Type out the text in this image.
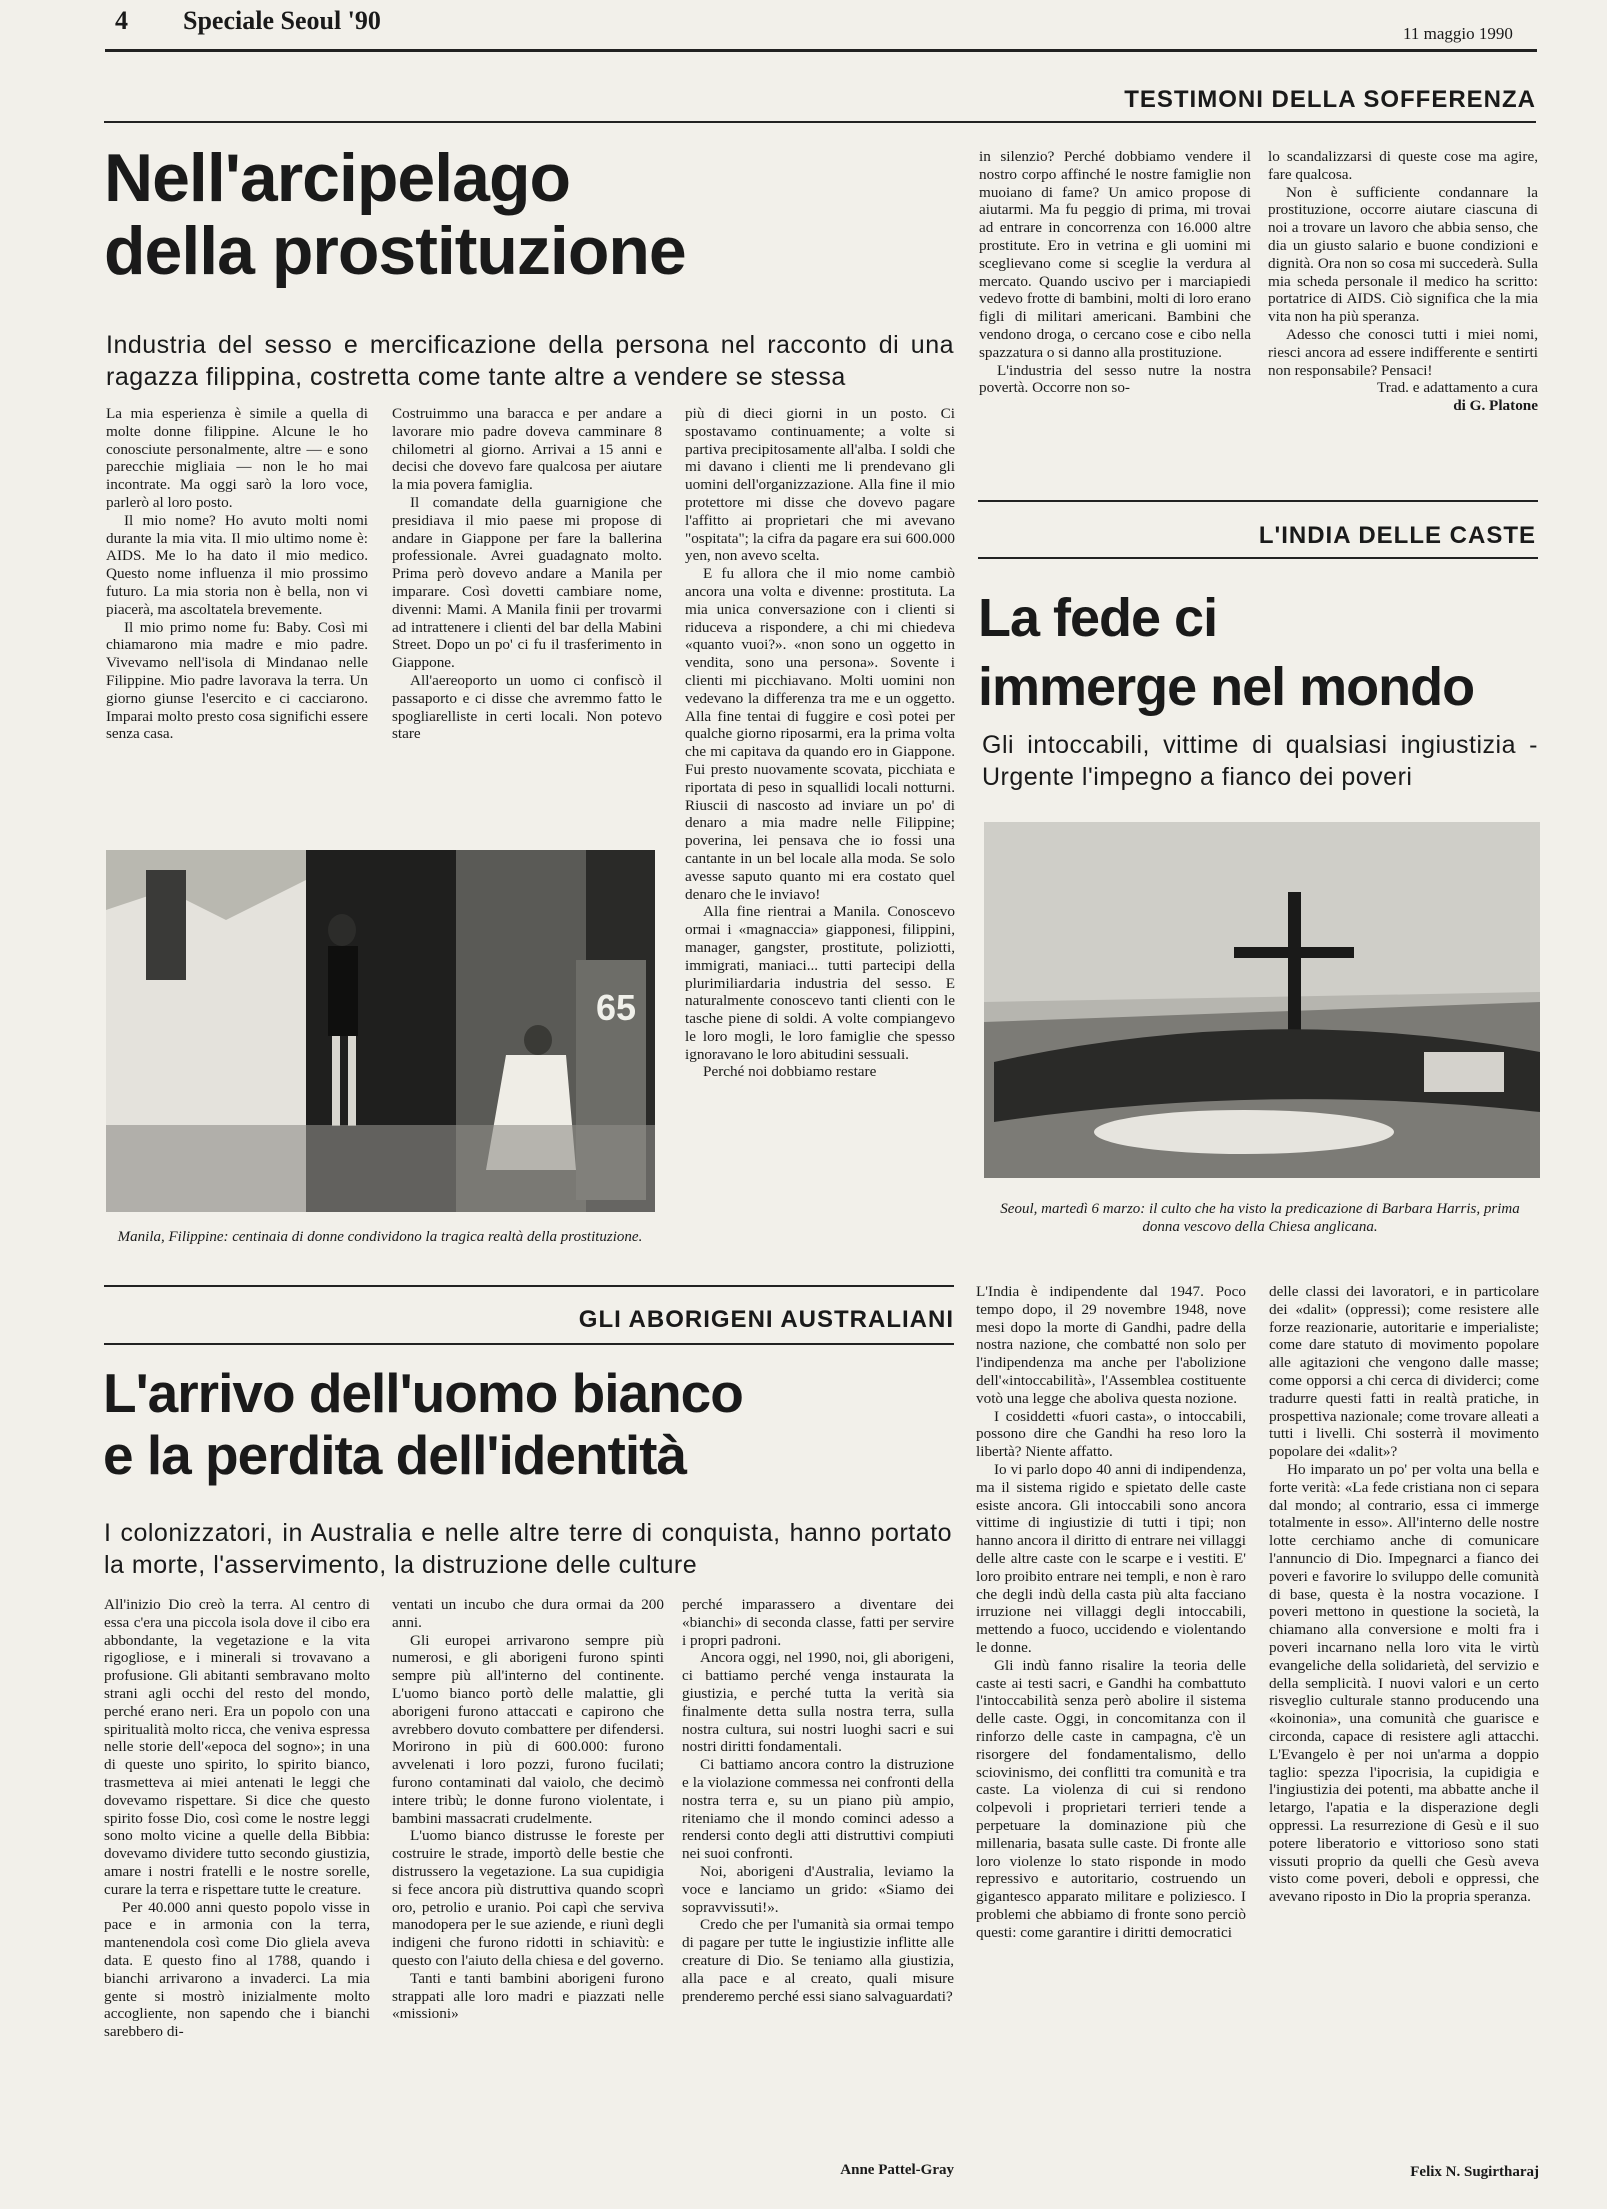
4 Speciale Seoul '90	11 maggio 1990
TESTIMONI DELLA SOFFERENZA
Nell'arcipelago
della prostituzione
Industria del sesso e mercificazione della persona nel racconto di una ragazza filippina, costretta come tante altre a vendere se stessa

La mia esperienza è simile a quella di molte donne filippine. Alcune le ho conosciute personalmente, altre — e sono parecchie migliaia — non le ho mai incontrate. Ma oggi sarò la loro voce, parlerò al loro posto.

Il mio nome? Ho avuto molti nomi durante la mia vita. Il mio ultimo nome è: AIDS. Me lo ha dato il mio medico. Questo nome influenza il mio prossimo futuro. La mia storia non è bella, non vi piacerà, ma ascoltatela brevemente.

Il mio primo nome fu: Baby. Così mi chiamarono mia madre e mio padre. Vivevamo nell'isola di Mindanao nelle Filippine. Mio padre lavorava la terra. Un giorno giunse l'esercito e ci cacciarono. Imparai molto presto cosa significhi essere senza casa.

Costruimmo una baracca e per andare a lavorare mio padre doveva camminare 8 chilometri al giorno. Arrivai a 15 anni e decisi che dovevo fare qualcosa per aiutare la mia povera famiglia.

Il comandate della guarnigione che presidiava il mio paese mi propose di andare in Giappone per fare la ballerina professionale. Avrei guadagnato molto. Prima però dovevo andare a Manila per imparare. Così dovetti cambiare nome, divenni: Mami. A Manila finii per trovarmi ad intrattenere i clienti del bar della Mabini Street. Dopo un po' ci fu il trasferimento in Giappone.

All'aereoporto un uomo ci confiscò il passaporto e ci disse che avremmo fatto le spogliarelliste in certi locali. Non potevo stare

65
Manila, Filippine: centinaia di donne condividono la tragica realtà della prostituzione.

più di dieci giorni in un posto. Ci spostavamo continuamente; a volte si partiva precipitosamente all'alba. I soldi che mi davano i clienti me li prendevano gli uomini dell'organizzazione. Alla fine il mio protettore mi disse che dovevo pagare l'affitto ai proprietari che mi avevano "ospitata"; la cifra da pagare era sui 600.000 yen, non avevo scelta.

E fu allora che il mio nome cambiò ancora una volta e divenne: prostituta. La mia unica conversazione con i clienti si riduceva a rispondere, a chi mi chiedeva «quanto vuoi?». «non sono un oggetto in vendita, sono una persona». Sovente i clienti mi picchiavano. Molti uomini non vedevano la differenza tra me e un oggetto. Alla fine tentai di fuggire e così potei per qualche giorno riposarmi, era la prima volta che mi capitava da quando ero in Giappone. Fui presto nuovamente scovata, picchiata e riportata di peso in squallidi locali notturni. Riuscii di nascosto ad inviare un po' di denaro a mia madre nelle Filippine; poverina, lei pensava che io fossi una cantante in un bel locale alla moda. Se solo avesse saputo quanto mi era costato quel denaro che le inviavo!

Alla fine rientrai a Manila. Conoscevo ormai i «magnaccia» giapponesi, filippini, manager, gangster, prostitute, poliziotti, immigrati, maniaci... tutti partecipi della plurimiliardaria industria del sesso. E naturalmente conoscevo tanti clienti con le tasche piene di soldi. A volte compiangevo le loro mogli, le loro famiglie che spesso ignoravano le loro abitudini sessuali.

Perché noi dobbiamo restare

in silenzio? Perché dobbiamo vendere il nostro corpo affinché le nostre famiglie non muoiano di fame? Un amico propose di aiutarmi. Ma fu peggio di prima, mi trovai ad entrare in concorrenza con 16.000 altre prostitute. Ero in vetrina e gli uomini mi sceglievano come si sceglie la verdura al mercato. Quando uscivo per i marciapiedi vedevo frotte di bambini, molti di loro erano figli di militari americani. Bambini che vendono droga, o cercano cose e cibo nella spazzatura o si danno alla prostituzione.

L'industria del sesso nutre la nostra povertà. Occorre non so-

lo scandalizzarsi di queste cose ma agire, fare qualcosa.

Non è sufficiente condannare la prostituzione, occorre aiutare ciascuna di noi a trovare un lavoro che abbia senso, che dia un giusto salario e buone condizioni e dignità. Ora non so cosa mi succederà. Sulla mia scheda personale il medico ha scritto: portatrice di AIDS. Ciò significa che la mia vita non ha più speranza.

Adesso che conosci tutti i miei nomi, riesci ancora ad essere indifferente e sentirti non responsabile? Pensaci!

Trad. e adattamento a cura

di G. Platone

L'INDIA DELLE CASTE
La fede ci
immerge nel mondo
Gli intoccabili, vittime di qualsiasi ingiustizia - Urgente l'impegno a fianco dei poveri
Seoul, martedì 6 marzo: il culto che ha visto la predicazione di Barbara Harris, prima donna vescovo della Chiesa anglicana.

L'India è indipendente dal 1947. Poco tempo dopo, il 29 novembre 1948, nove mesi dopo la morte di Gandhi, padre della nostra nazione, che combatté non solo per l'indipendenza ma anche per l'abolizione dell'«intoccabilità», l'Assemblea costituente votò una legge che aboliva questa nozione.

I cosiddetti «fuori casta», o intoccabili, possono dire che Gandhi ha reso loro la libertà? Niente affatto.

Io vi parlo dopo 40 anni di indipendenza, ma il sistema rigido e spietato delle caste esiste ancora. Gli intoccabili sono ancora vittime di ingiustizie di tutti i tipi; non hanno ancora il diritto di entrare nei villaggi delle altre caste con le scarpe e i vestiti. E' loro proibito entrare nei templi, e non è raro che degli indù della casta più alta facciano irruzione nei villaggi degli intoccabili, mettendo a fuoco, uccidendo e violentando le donne.

Gli indù fanno risalire la teoria delle caste ai testi sacri, e Gandhi ha combattuto l'intoccabilità senza però abolire il sistema delle caste. Oggi, in concomitanza con il rinforzo delle caste in campagna, c'è un risorgere del fondamentalismo, dello sciovinismo, dei conflitti tra comunità e tra caste. La violenza di cui si rendono colpevoli i proprietari terrieri tende a perpetuare la dominazione più che millenaria, basata sulle caste. Di fronte alle loro violenze lo stato risponde in modo repressivo e autoritario, costruendo un gigantesco apparato militare e poliziesco. I problemi che abbiamo di fronte sono perciò questi: come garantire i diritti democratici

delle classi dei lavoratori, e in particolare dei «dalit» (oppressi); come resistere alle forze reazionarie, autoritarie e imperialiste; come dare statuto di movimento popolare alle agitazioni che vengono dalle masse; come opporsi a chi cerca di dividerci; come tradurre questi fatti in realtà pratiche, in prospettiva nazionale; come trovare alleati a tutti i livelli. Chi sosterrà il movimento popolare dei «dalit»?

Ho imparato un po' per volta una bella e forte verità: «La fede cristiana non ci separa dal mondo; al contrario, essa ci immerge totalmente in esso». All'interno delle nostre lotte cerchiamo anche di comunicare l'annuncio di Dio. Impegnarci a fianco dei poveri e favorire lo sviluppo delle comunità di base, questa è la nostra vocazione. I poveri mettono in questione la società, la chiamano alla conversione e molti fra i poveri incarnano nella loro vita le virtù evangeliche della solidarietà, del servizio e della semplicità. I nuovi valori e un certo risveglio culturale stanno producendo una «koinonia», una comunità che guarisce e circonda, capace di resistere agli attacchi. L'Evangelo è per noi un'arma a doppio taglio: spezza l'ipocrisia, la cupidigia e l'ingiustizia dei potenti, ma abbatte anche il letargo, l'apatia e la disperazione degli oppressi. La resurrezione di Gesù e il suo potere liberatorio e vittorioso sono stati vissuti proprio da quelli che Gesù aveva visto come poveri, deboli e oppressi, che avevano riposto in Dio la propria speranza.

Felix N. Sugirtharaj
GLI ABORIGENI AUSTRALIANI
L'arrivo dell'uomo bianco
e la perdita dell'identità
I colonizzatori, in Australia e nelle altre terre di conquista, hanno portato la morte, l'asservimento, la distruzione delle culture

All'inizio Dio creò la terra. Al centro di essa c'era una piccola isola dove il cibo era abbondante, la vegetazione e la vita rigogliose, e i minerali si trovavano a profusione. Gli abitanti sembravano molto strani agli occhi del resto del mondo, perché erano neri. Era un popolo con una spiritualità molto ricca, che veniva espressa nelle storie dell'«epoca del sogno»; in una di queste uno spirito, lo spirito bianco, trasmetteva ai miei antenati le leggi che dovevamo rispettare. Si dice che questo spirito fosse Dio, così come le nostre leggi sono molto vicine a quelle della Bibbia: dovevamo dividere tutto secondo giustizia, amare i nostri fratelli e le nostre sorelle, curare la terra e rispettare tutte le creature.

Per 40.000 anni questo popolo visse in pace e in armonia con la terra, mantenendola così come Dio gliela aveva data. E questo fino al 1788, quando i bianchi arrivarono a invaderci. La mia gente si mostrò inizialmente molto accogliente, non sapendo che i bianchi sarebbero di-

ventati un incubo che dura ormai da 200 anni.

Gli europei arrivarono sempre più numerosi, e gli aborigeni furono spinti sempre più all'interno del continente. L'uomo bianco portò delle malattie, gli aborigeni furono attaccati e capirono che avrebbero dovuto combattere per difendersi. Morirono in più di 600.000: furono avvelenati i loro pozzi, furono fucilati; furono contaminati dal vaiolo, che decimò intere tribù; le donne furono violentate, i bambini massacrati crudelmente.

L'uomo bianco distrusse le foreste per costruire le strade, importò delle bestie che distrussero la vegetazione. La sua cupidigia si fece ancora più distruttiva quando scoprì oro, petrolio e uranio. Poi capì che serviva manodopera per le sue aziende, e riunì degli indigeni che furono ridotti in schiavitù: e questo con l'aiuto della chiesa e del governo.

Tanti e tanti bambini aborigeni furono strappati alle loro madri e piazzati nelle «missioni»

perché imparassero a diventare dei «bianchi» di seconda classe, fatti per servire i propri padroni.

Ancora oggi, nel 1990, noi, gli aborigeni, ci battiamo perché venga instaurata la giustizia, e perché tutta la verità sia finalmente detta sulla nostra terra, sulla nostra cultura, sui nostri luoghi sacri e sui nostri diritti fondamentali.

Ci battiamo ancora contro la distruzione e la violazione commessa nei confronti della nostra terra e, su un piano più ampio, riteniamo che il mondo cominci adesso a rendersi conto degli atti distruttivi compiuti nei suoi confronti.

Noi, aborigeni d'Australia, leviamo la voce e lanciamo un grido: «Siamo dei sopravvissuti!».

Credo che per l'umanità sia ormai tempo di pagare per tutte le ingiustizie inflitte alle creature di Dio. Se teniamo alla giustizia, alla pace e al creato, quali misure prenderemo perché essi siano salvaguardati?

Anne Pattel-Gray
